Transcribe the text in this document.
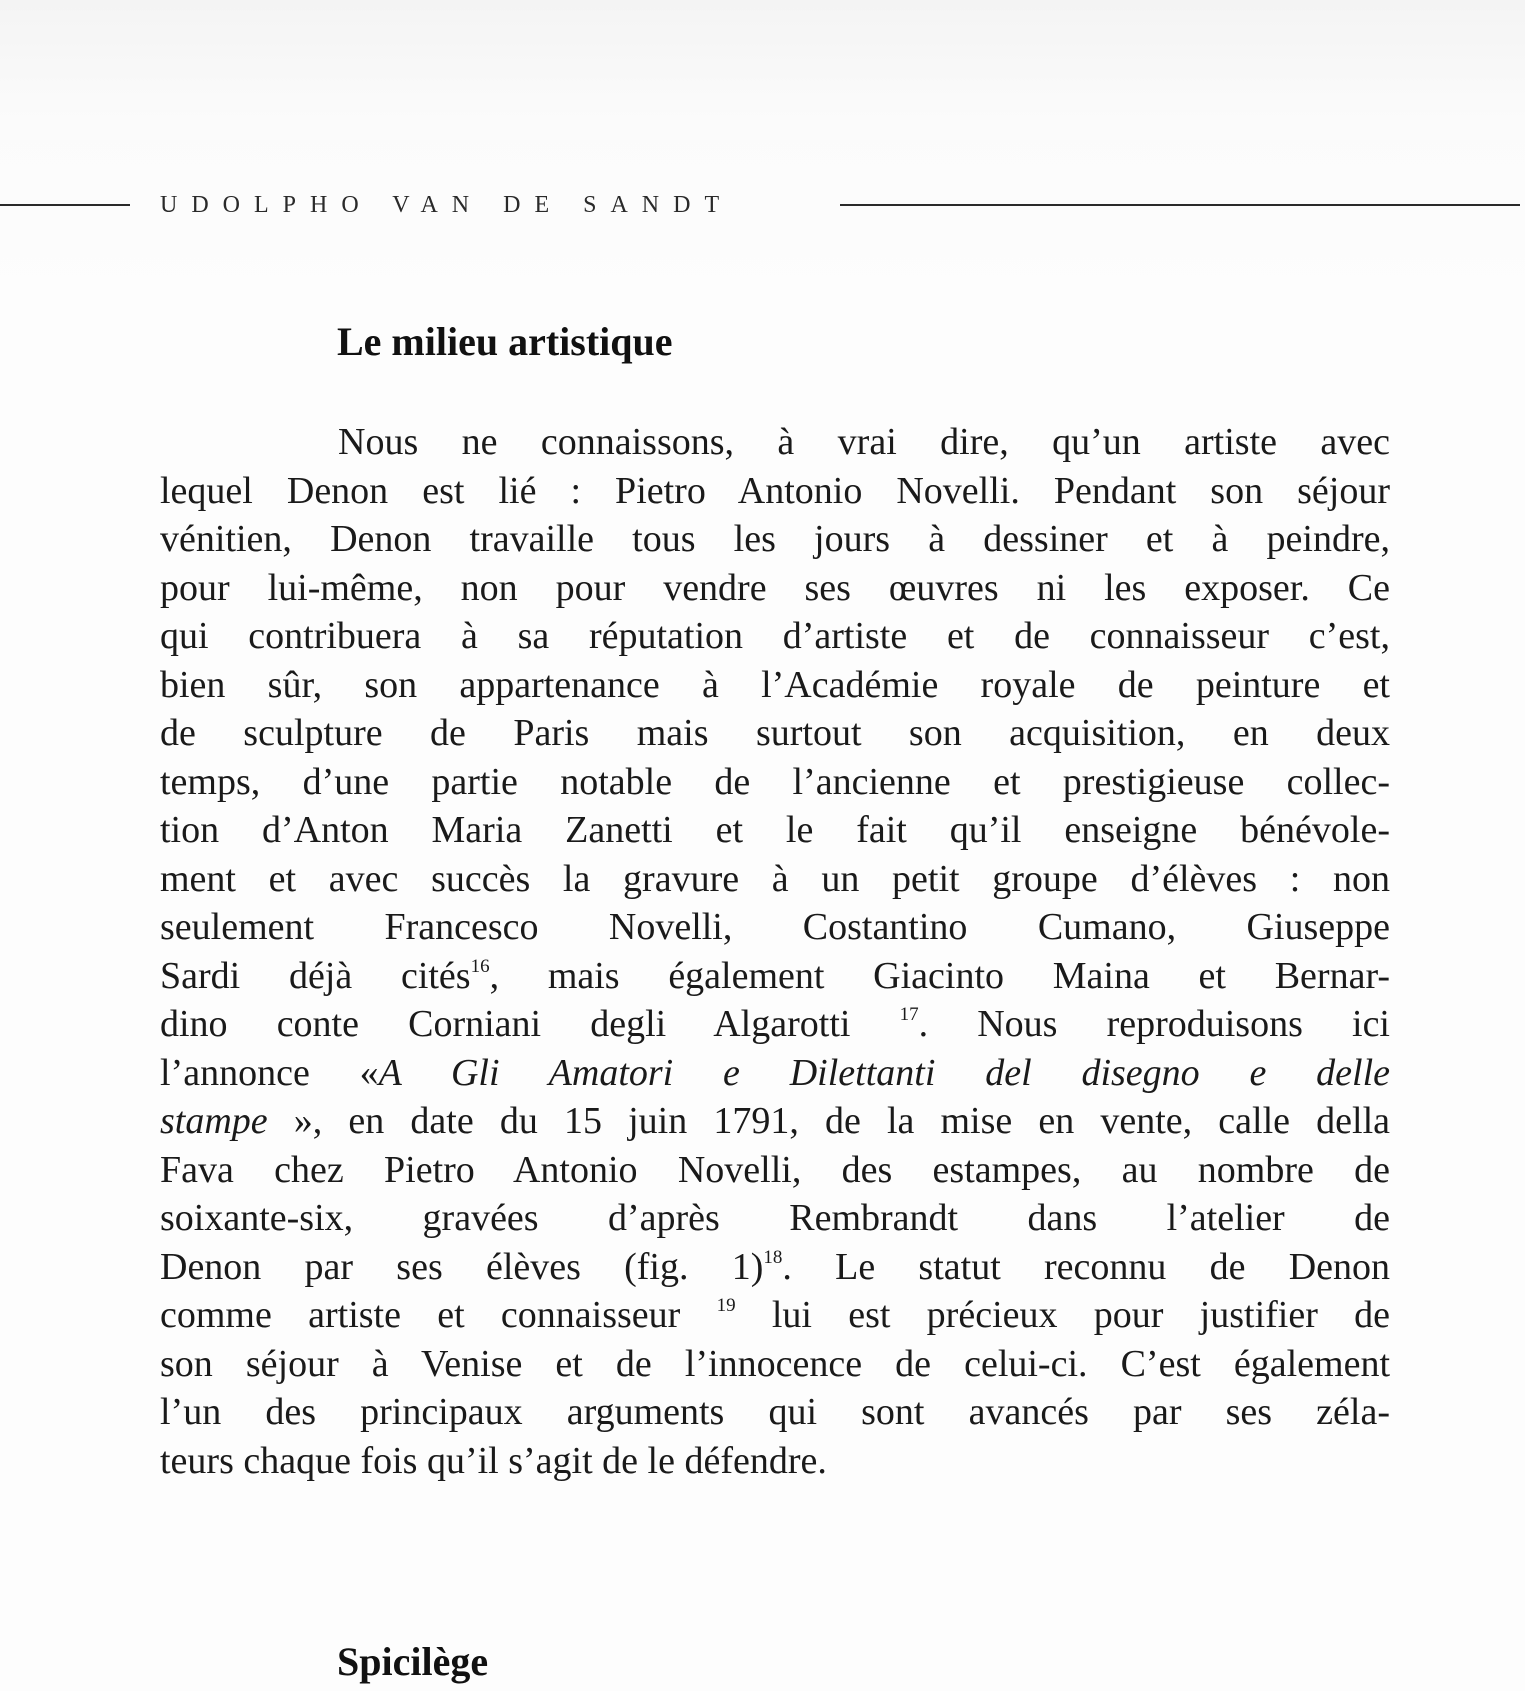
UDOLPHO VAN DE SANDT
Le milieu artistique
Nous ne connaissons, à vrai dire, qu’un artiste avec
lequel Denon est lié : Pietro Antonio Novelli. Pendant son séjour
vénitien, Denon travaille tous les jours à dessiner et à peindre,
pour lui-même, non pour vendre ses œuvres ni les exposer. Ce
qui contribuera à sa réputation d’artiste et de connaisseur c’est,
bien sûr, son appartenance à l’Académie royale de peinture et
de sculpture de Paris mais surtout son acquisition, en deux
temps, d’une partie notable de l’ancienne et prestigieuse collec-
tion d’Anton Maria Zanetti et le fait qu’il enseigne bénévole-
ment et avec succès la gravure à un petit groupe d’élèves : non
seulement Francesco Novelli, Costantino Cumano, Giuseppe
Sardi déjà cités$^{16}$, mais également Giacinto Maina et Bernar-
dino conte Corniani degli Algarotti	$^{17}$. Nous reproduisons ici
l’annonce «A Gli Amatori e Dilettanti del disegno e delle
stampe », en date du 15 juin 1791, de la mise en vente, calle della
Fava chez Pietro Antonio Novelli, des estampes, au nombre de
soixante-six, gravées d’après Rembrandt dans l’atelier de
Denon par ses élèves (fig. 1)$^{18}$. Le statut reconnu de Denon
comme artiste et connaisseur $^{19}$ lui est précieux pour justifier de
son séjour à Venise et de l’innocence de celui-ci. C’est également
l’un des principaux arguments qui sont avancés par ses zéla-
teurs chaque fois qu’il s’agit de le défendre.
Spicilège
